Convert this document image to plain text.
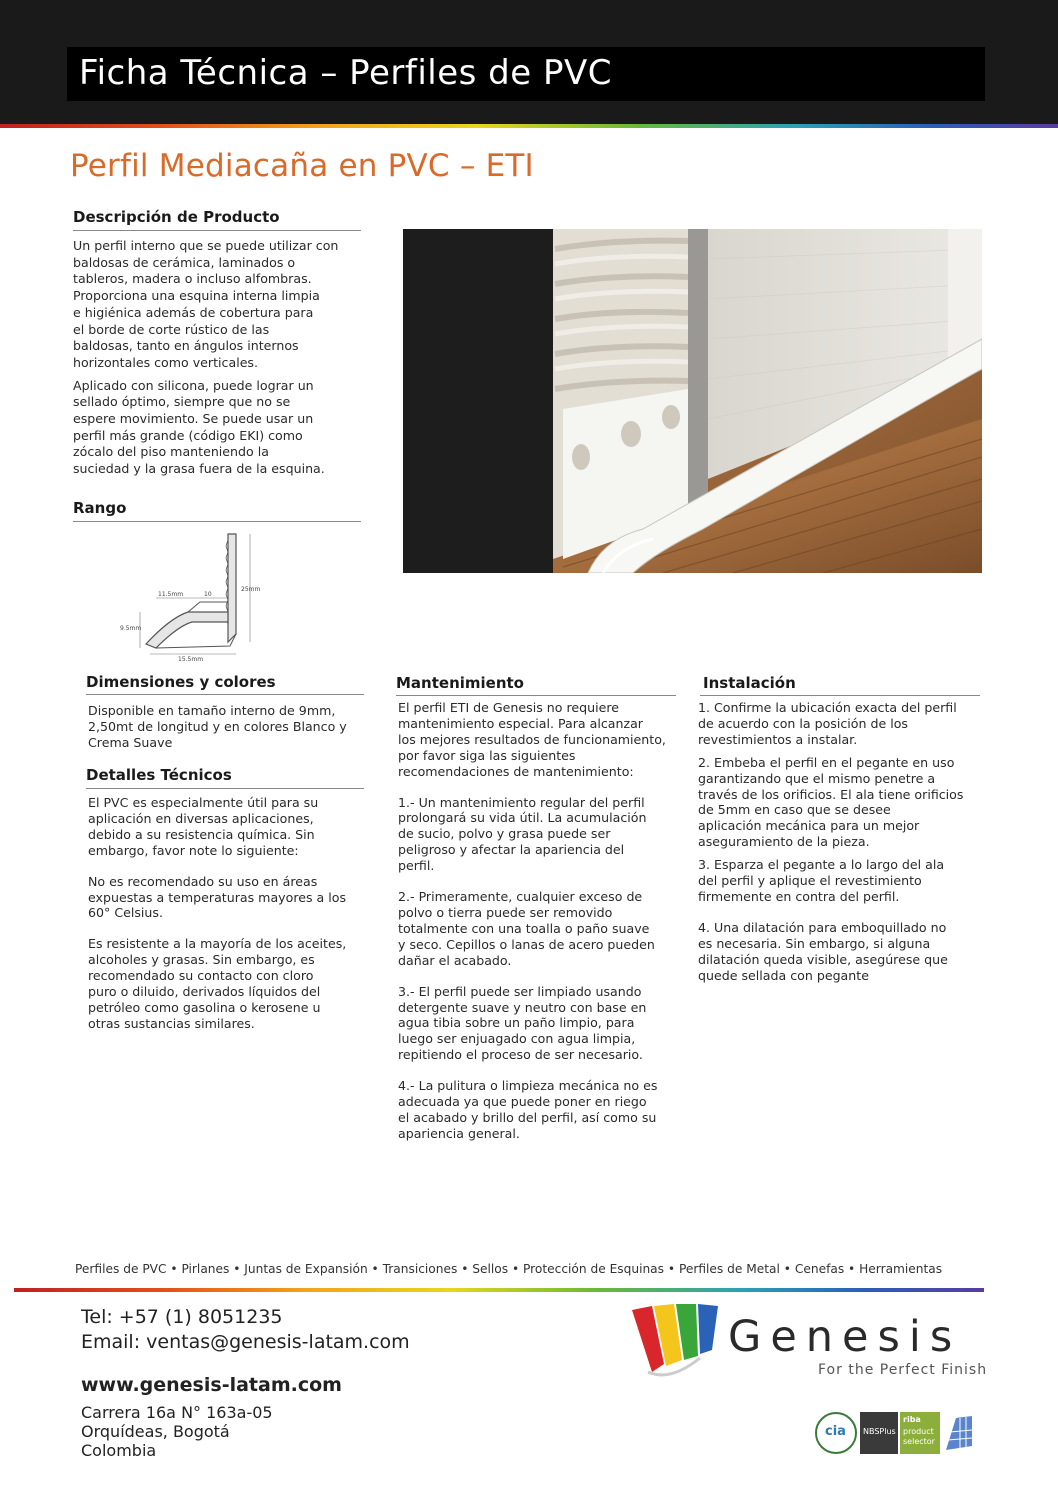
Ficha Técnica – Perfiles de PVC
Perfil Mediacaña en PVC – ETI
Descripción de Producto

Un perfil interno que se puede utilizar con
baldosas de cerámica, laminados o
tableros, madera o incluso alfombras.
Proporciona una esquina interna limpia
e higiénica además de cobertura para
el borde de corte rústico de las
baldosas, tanto en ángulos internos
horizontales como verticales.

Aplicado con silicona, puede lograr un
sellado óptimo, siempre que no se
espere movimiento. Se puede usar un
perfil más grande (código EKI) como
zócalo del piso manteniendo la
suciedad y la grasa fuera de la esquina.

Rango
11.5mm	10
25mm
9.5mm
15.5mm
Dimensiones y colores

Disponible en tamaño interno de 9mm,
2,50mt de longitud y en colores Blanco y
Crema Suave

Detalles Técnicos

El PVC es especialmente útil para su
aplicación en diversas aplicaciones,
debido a su resistencia química. Sin
embargo, favor note lo siguiente:

No es recomendado su uso en áreas
expuestas a temperaturas mayores a los
60° Celsius.

Es resistente a la mayoría de los aceites,
alcoholes y grasas. Sin embargo, es
recomendado su contacto con cloro
puro o diluido, derivados líquidos del
petróleo como gasolina o kerosene u
otras sustancias similares.

Mantenimiento

El perfil ETI de Genesis no requiere
mantenimiento especial. Para alcanzar
los mejores resultados de funcionamiento,
por favor siga las siguientes
recomendaciones de mantenimiento:

1.- Un mantenimiento regular del perfil
prolongará su vida útil. La acumulación
de sucio, polvo y grasa puede ser
peligroso y afectar la apariencia del
perfil.

2.- Primeramente, cualquier exceso de
polvo o tierra puede ser removido
totalmente con una toalla o paño suave
y seco. Cepillos o lanas de acero pueden
dañar el acabado.

3.- El perfil puede ser limpiado usando
detergente suave y neutro con base en
agua tibia sobre un paño limpio, para
luego ser enjuagado con agua limpia,
repitiendo el proceso de ser necesario.

4.- La pulitura o limpieza mecánica no es
adecuada ya que puede poner en riego
el acabado y brillo del perfil, así como su
apariencia general.

Instalación

1. Confirme la ubicación exacta del perfil
de acuerdo con la posición de los
revestimientos a instalar.

2. Embeba el perfil en el pegante en uso
garantizando que el mismo penetre a
través de los orificios. El ala tiene orificios
de 5mm en caso que se desee
aplicación mecánica para un mejor
aseguramiento de la pieza.

3. Esparza el pegante a lo largo del ala
del perfil y aplique el revestimiento
firmemente en contra del perfil.

4. Una dilatación para emboquillado no
es necesaria. Sin embargo, si alguna
dilatación queda visible, asegúrese que
quede sellada con pegante

Perfiles de PVC • Pirlanes • Juntas de Expansión • Transiciones • Sellos • Protección de Esquinas • Perfiles de Metal • Cenefas • Herramientas
Tel: +57 (1) 8051235
Email: ventas@genesis-latam.com
www.genesis-latam.com
Carrera 16a N° 163a-05
Orquídeas, Bogotá
Colombia
Genesis
For the Perfect Finish
cia NBSPlus
riba
product
selector
